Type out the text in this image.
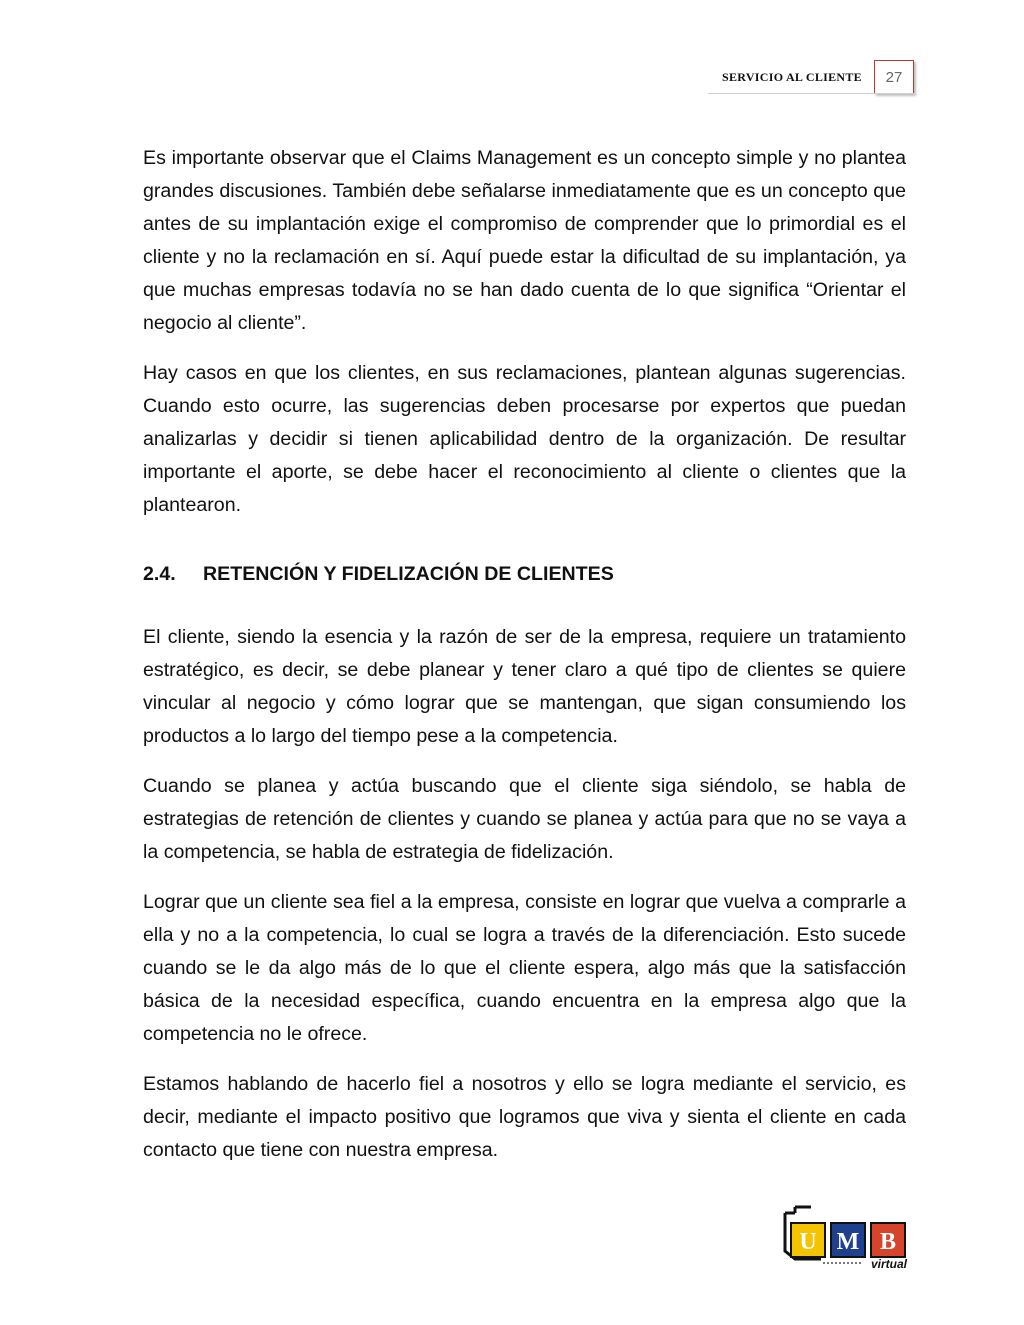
SERVICIO AL CLIENTE 27

Es importante observar que el Claims Management es un concepto simple y no plantea grandes discusiones. También debe señalarse inmediatamente que es un concepto que antes de su implantación exige el compromiso de comprender que lo primordial es el cliente y no la reclamación en sí. Aquí puede estar la dificultad de su implantación, ya que muchas empresas todavía no se han dado cuenta de lo que significa “Orientar el negocio al cliente”.

Hay casos en que los clientes, en sus reclamaciones, plantean algunas sugerencias. Cuando esto ocurre, las sugerencias deben procesarse por expertos que puedan analizarlas y decidir si tienen aplicabilidad dentro de la organización. De resultar importante el aporte, se debe hacer el reconocimiento al cliente o clientes que la plantearon.

2.4.	RETENCIÓN Y FIDELIZACIÓN DE CLIENTES

El cliente, siendo la esencia y la razón de ser de la empresa, requiere un tratamiento estratégico, es decir, se debe planear y tener claro a qué tipo de clientes se quiere vincular al negocio y cómo lograr que se mantengan, que sigan consumiendo los productos a lo largo del tiempo pese a la competencia.

Cuando se planea y actúa buscando que el cliente siga siéndolo, se habla de estrategias de retención de clientes y cuando se planea y actúa para que no se vaya a la competencia, se habla de estrategia de fidelización.

Lograr que un cliente sea fiel a la empresa, consiste en lograr que vuelva a comprarle a ella y no a la competencia, lo cual se logra a través de la diferenciación. Esto sucede cuando se le da algo más de lo que el cliente espera, algo más que la satisfacción básica de la necesidad específica, cuando encuentra en la empresa algo que la competencia no le ofrece.

Estamos hablando de hacerlo fiel a nosotros y ello se logra mediante el servicio, es decir, mediante el impacto positivo que logramos que viva y sienta el cliente en cada contacto que tiene con nuestra empresa.

U M B
virtual
